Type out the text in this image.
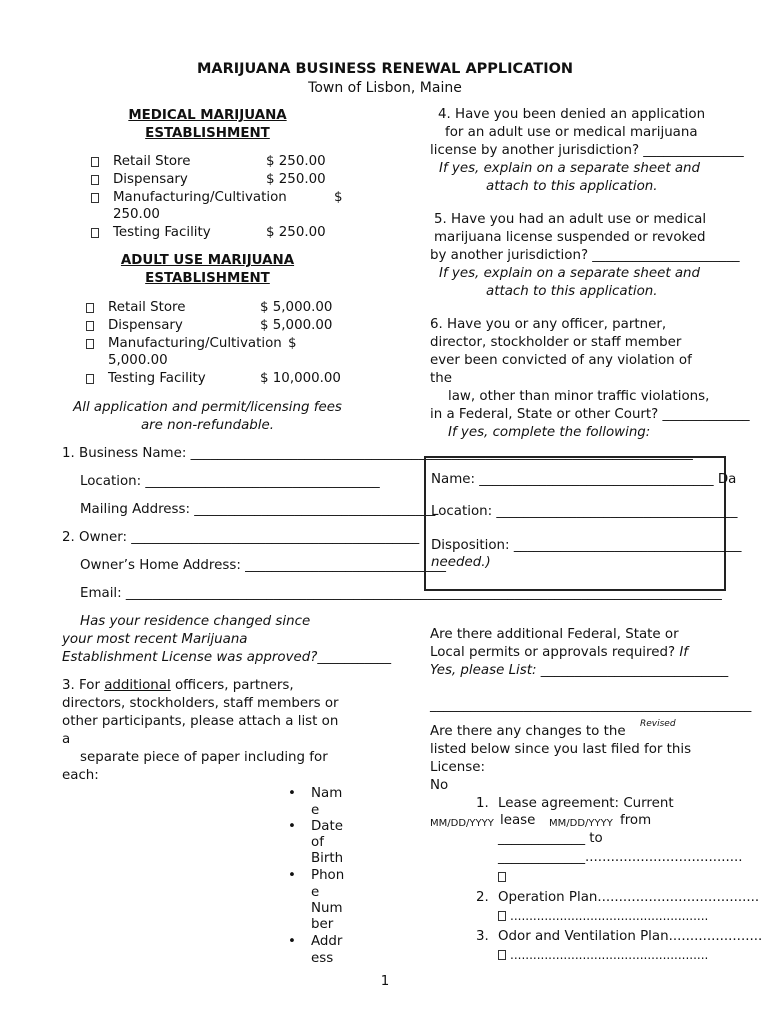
MARIJUANA BUSINESS RENEWAL APPLICATION
Town of Lisbon, Maine
MEDICAL MARIJUANA
ESTABLISHMENT
Retail Store	$ 250.00
Dispensary	$ 250.00
Manufacturing/Cultivation	$
250.00
Testing Facility	$ 250.00
ADULT USE MARIJUANA
ESTABLISHMENT
Retail Store	$ 5,000.00
Dispensary	$ 5,000.00
Manufacturing/Cultivation $
5,000.00
Testing Facility	$ 10,000.00
All application and permit/licensing fees
are non-refundable.
1. Business Name: ___________________________________________________________________________
Location: ___________________________________
Mailing Address: ____________________________________
2. Owner: ___________________________________________
Owner’s Home Address: ______________________________
Email: _________________________________________________________________________________________
Has your residence changed since
your most recent Marijuana
Establishment License was approved?___________
3. For additional officers, partners,
directors, stockholders, staff members or
other participants, please attach a list on
a
separate piece of paper including for
each:
• Nam
e
• Date
of
Birth
• Phon
e
Num
ber
• Addr
ess
4. Have you been denied an application
for an adult use or medical marijuana
license by another jurisdiction? _______________
If yes, explain on a separate sheet and
attach to this application.
5. Have you had an adult use or medical
marijuana license suspended or revoked
by another jurisdiction? ______________________
If yes, explain on a separate sheet and
attach to this application.
6. Have you or any officer, partner,
director, stockholder or staff member
ever been convicted of any violation of
the
law, other than minor traffic violations,
in a Federal, State or other Court? _____________
If yes, complete the following:
Name: ___________________________________ Da
Location: ____________________________________
Disposition: __________________________________
needed.)
Are there additional Federal, State or
Local permits or approvals required? If
Yes, please List: ____________________________
________________________________________________
Are there any changes to the Revised
listed below since you last filed for this
License:
No
1. Lease agreement: Current
MM/DD/YYYY lease MM/DD/YYYY from
_____________ to
_____________.....................................
2. Operation Plan......................................
....................................................
3. Odor and Ventilation Plan......................
....................................................
1
